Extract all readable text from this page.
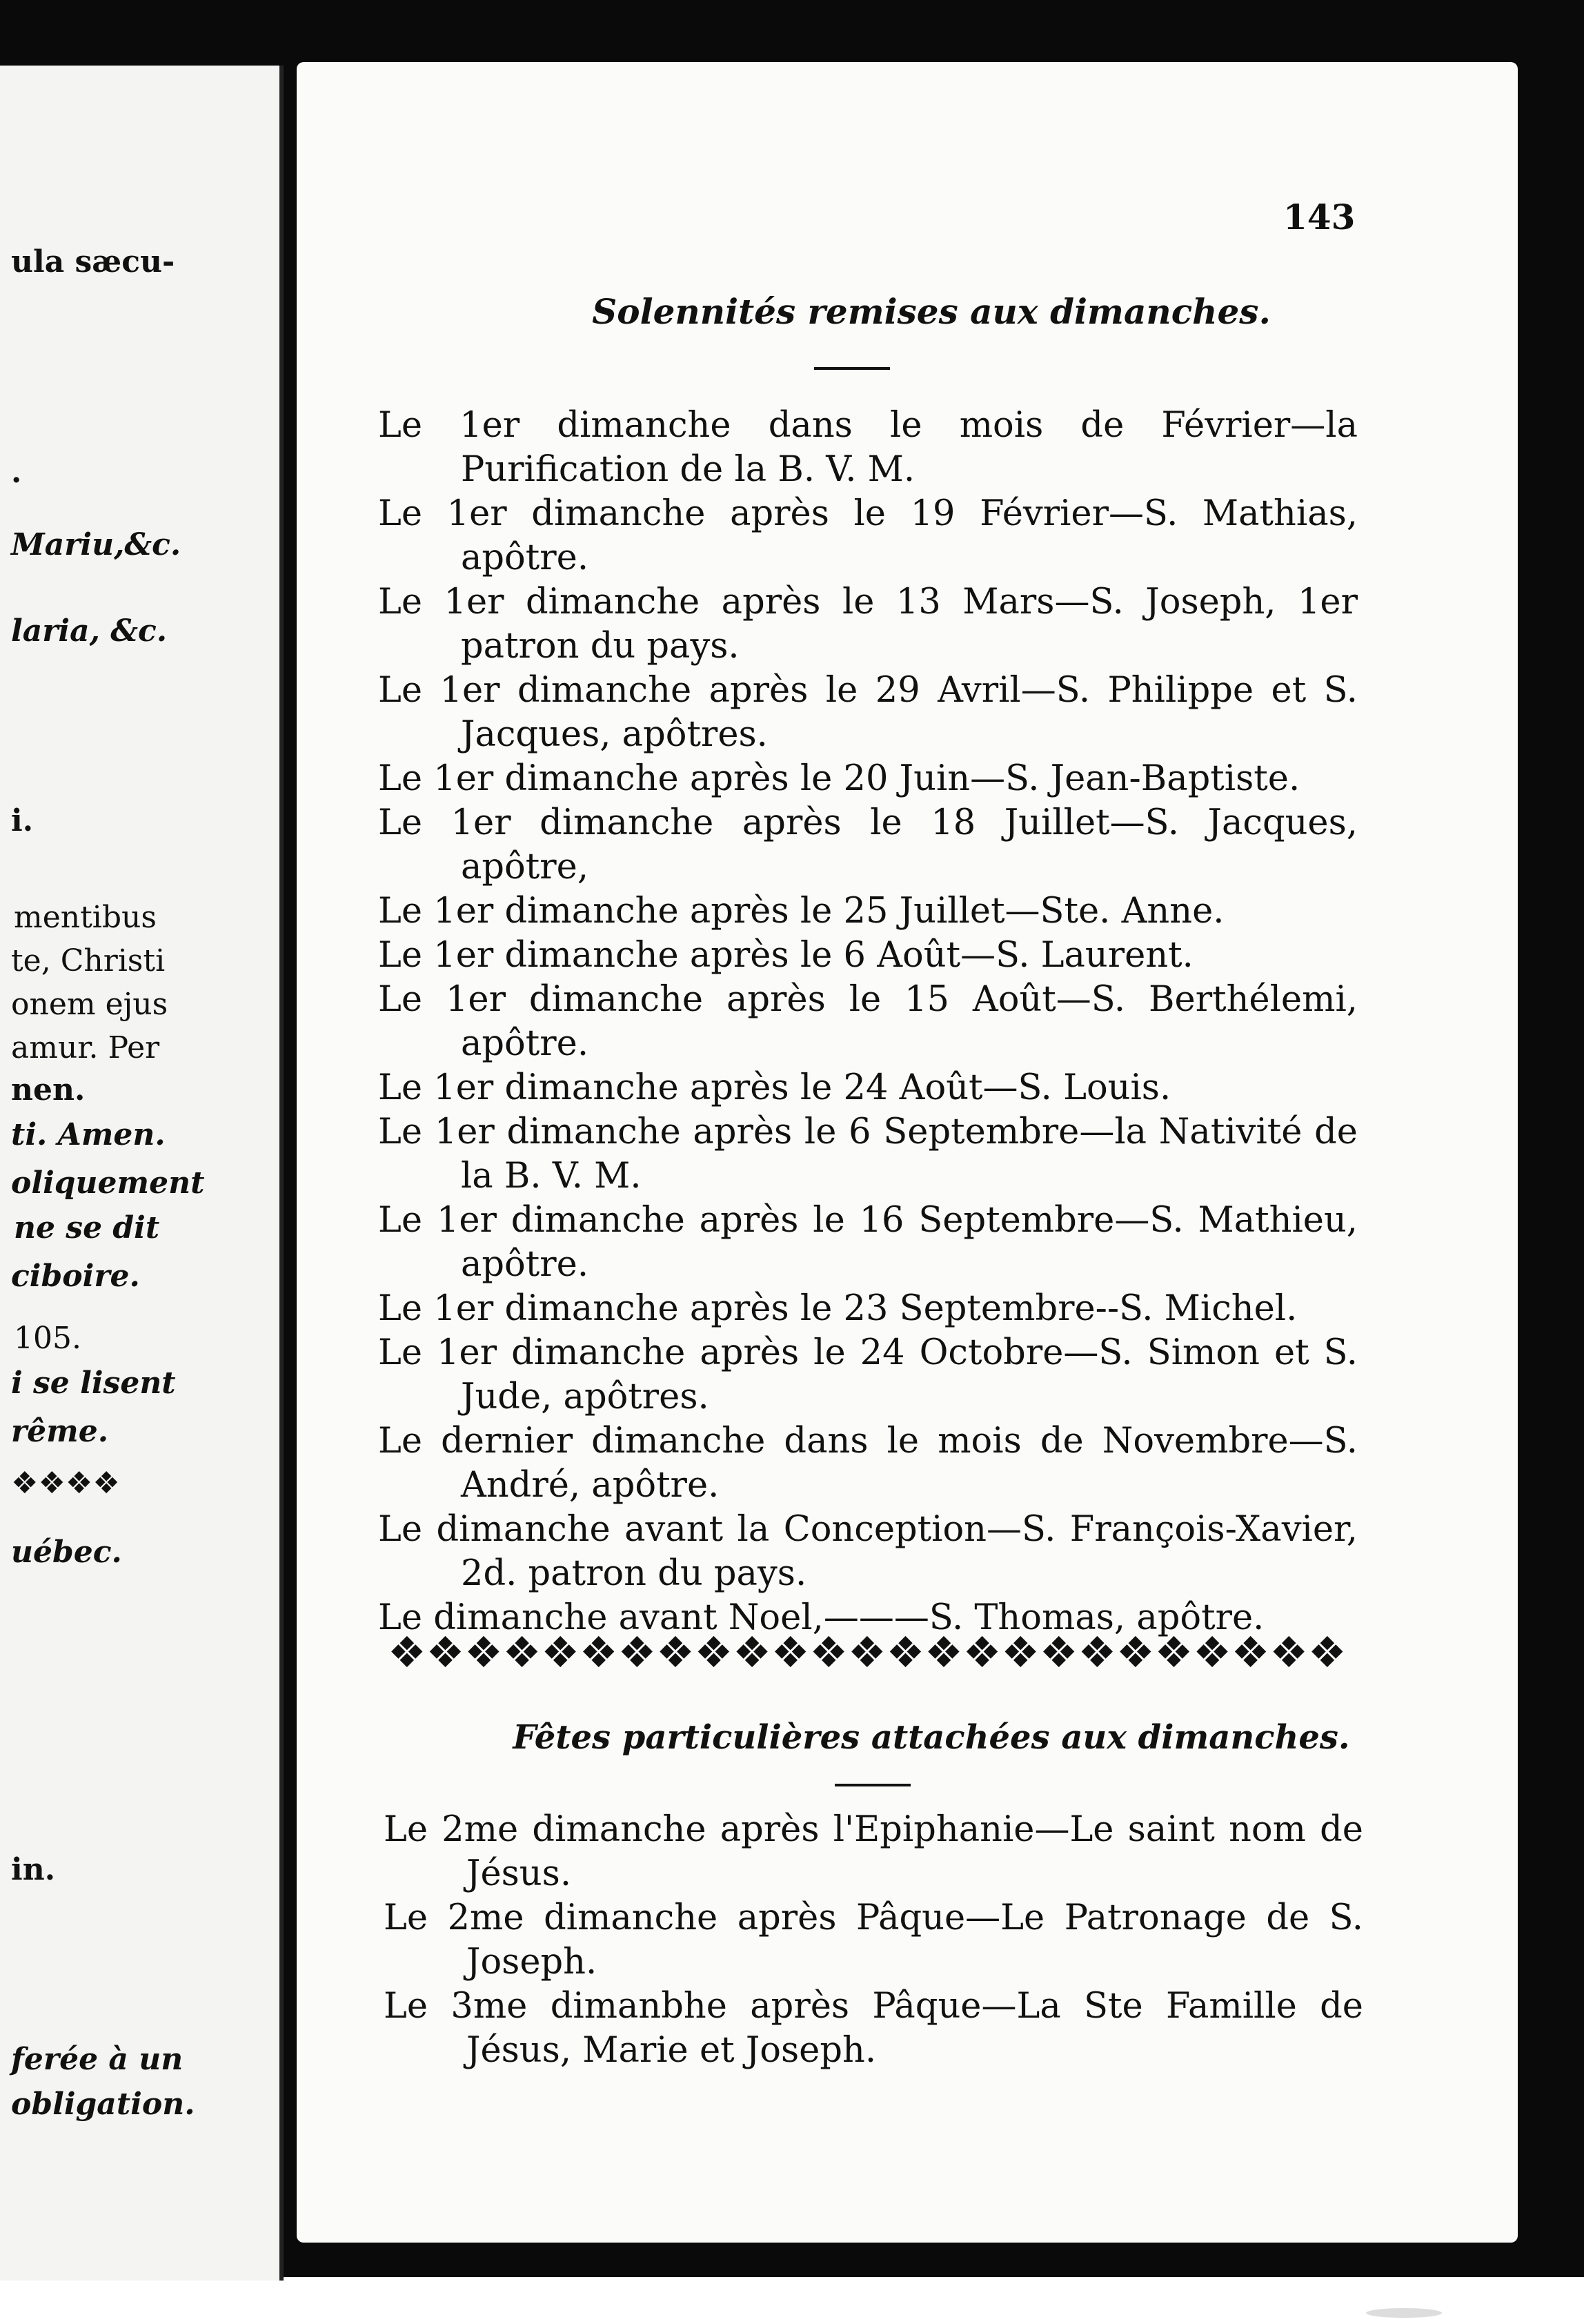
ula sæcu-
.
Mariu,&c.
laria, &c.
i.
mentibus
te, Christi
onem ejus
amur. Per
nen.
ti. Amen.
oliquement
ne se dit
ciboire.
105.
i se lisent
rême.
❖❖❖❖
uébec.
in.
ferée à un
obligation.
143
Solennités remises aux dimanches.

Le 1er dimanche dans le mois de Février—la Purification de la B. V. M.

Le 1er dimanche après le 19 Février—S. Mathias, apôtre.

Le 1er dimanche après le 13 Mars—S. Joseph, 1er patron du pays.

Le 1er dimanche après le 29 Avril—S. Philippe et S. Jacques, apôtres.

Le 1er dimanche après le 20 Juin—S. Jean-Baptiste.

Le 1er dimanche après le 18 Juillet—S. Jacques, apôtre,

Le 1er dimanche après le 25 Juillet—Ste. Anne.

Le 1er dimanche après le 6 Août—S. Laurent.

Le 1er dimanche après le 15 Août—S. Berthélemi, apôtre.

Le 1er dimanche après le 24 Août—S. Louis.

Le 1er dimanche après le 6 Septembre—la Nativité de la B. V. M.

Le 1er dimanche après le 16 Septembre—S. Mathieu, apôtre.

Le 1er dimanche après le 23 Septembre--S. Michel.

Le 1er dimanche après le 24 Octobre—S. Simon et S. Jude, apôtres.

Le dernier dimanche dans le mois de Novembre—S. André, apôtre.

Le dimanche avant la Conception—S. François-Xavier, 2d. patron du pays.

Le dimanche avant Noel,———S. Thomas, apôtre.

❖❖❖❖❖❖❖❖❖❖❖❖❖❖❖❖❖❖❖❖❖❖❖❖❖
Fêtes particulières attachées aux dimanches.

Le 2me dimanche après l'Epiphanie—Le saint nom de Jésus.

Le 2me dimanche après Pâque—Le Patronage de S. Joseph.

Le 3me dimanbhe après Pâque—La Ste Famille de Jésus, Marie et Joseph.
